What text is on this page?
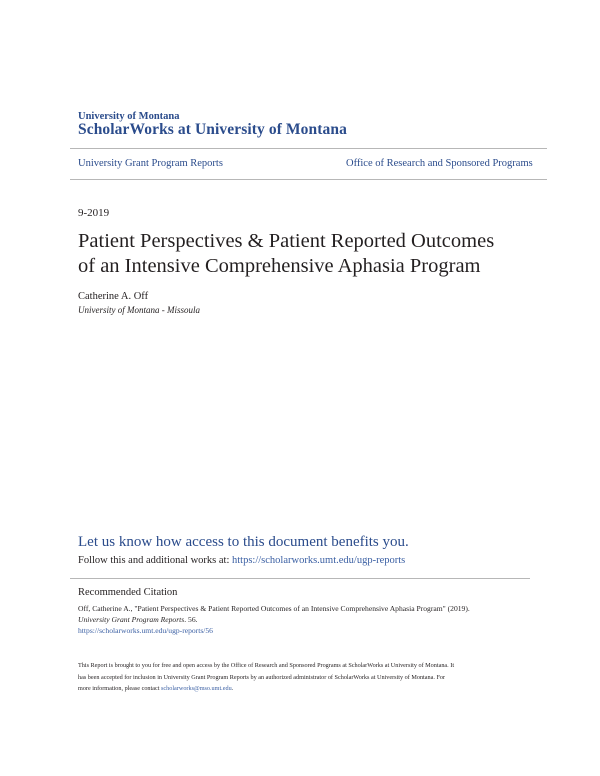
University of Montana
ScholarWorks at University of Montana
University Grant Program Reports	Office of Research and Sponsored Programs
9-2019
Patient Perspectives & Patient Reported Outcomes
of an Intensive Comprehensive Aphasia Program
Catherine A. Off
University of Montana - Missoula
Let us know how access to this document benefits you.
Follow this and additional works at: https://scholarworks.umt.edu/ugp-reports
Recommended Citation
Off, Catherine A., "Patient Perspectives & Patient Reported Outcomes of an Intensive Comprehensive Aphasia Program" (2019).
University Grant Program Reports. 56.
https://scholarworks.umt.edu/ugp-reports/56
This Report is brought to you for free and open access by the Office of Research and Sponsored Programs at ScholarWorks at University of Montana. It
has been accepted for inclusion in University Grant Program Reports by an authorized administrator of ScholarWorks at University of Montana. For
more information, please contact scholarworks@mso.umt.edu.
